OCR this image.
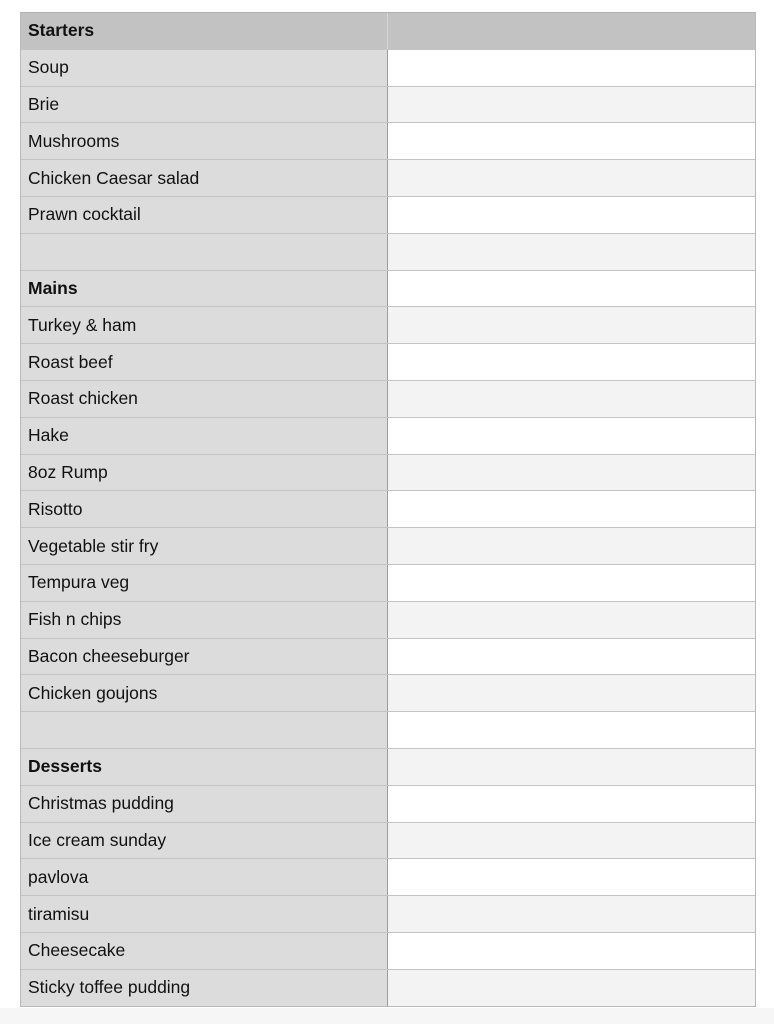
Starters
Soup
Brie
Mushrooms
Chicken Caesar salad
Prawn cocktail
Mains
Turkey & ham
Roast beef
Roast chicken
Hake
8oz Rump
Risotto
Vegetable stir fry
Tempura veg
Fish n chips
Bacon cheeseburger
Chicken goujons
Desserts
Christmas pudding
Ice cream sunday
pavlova
tiramisu
Cheesecake
Sticky toffee pudding
